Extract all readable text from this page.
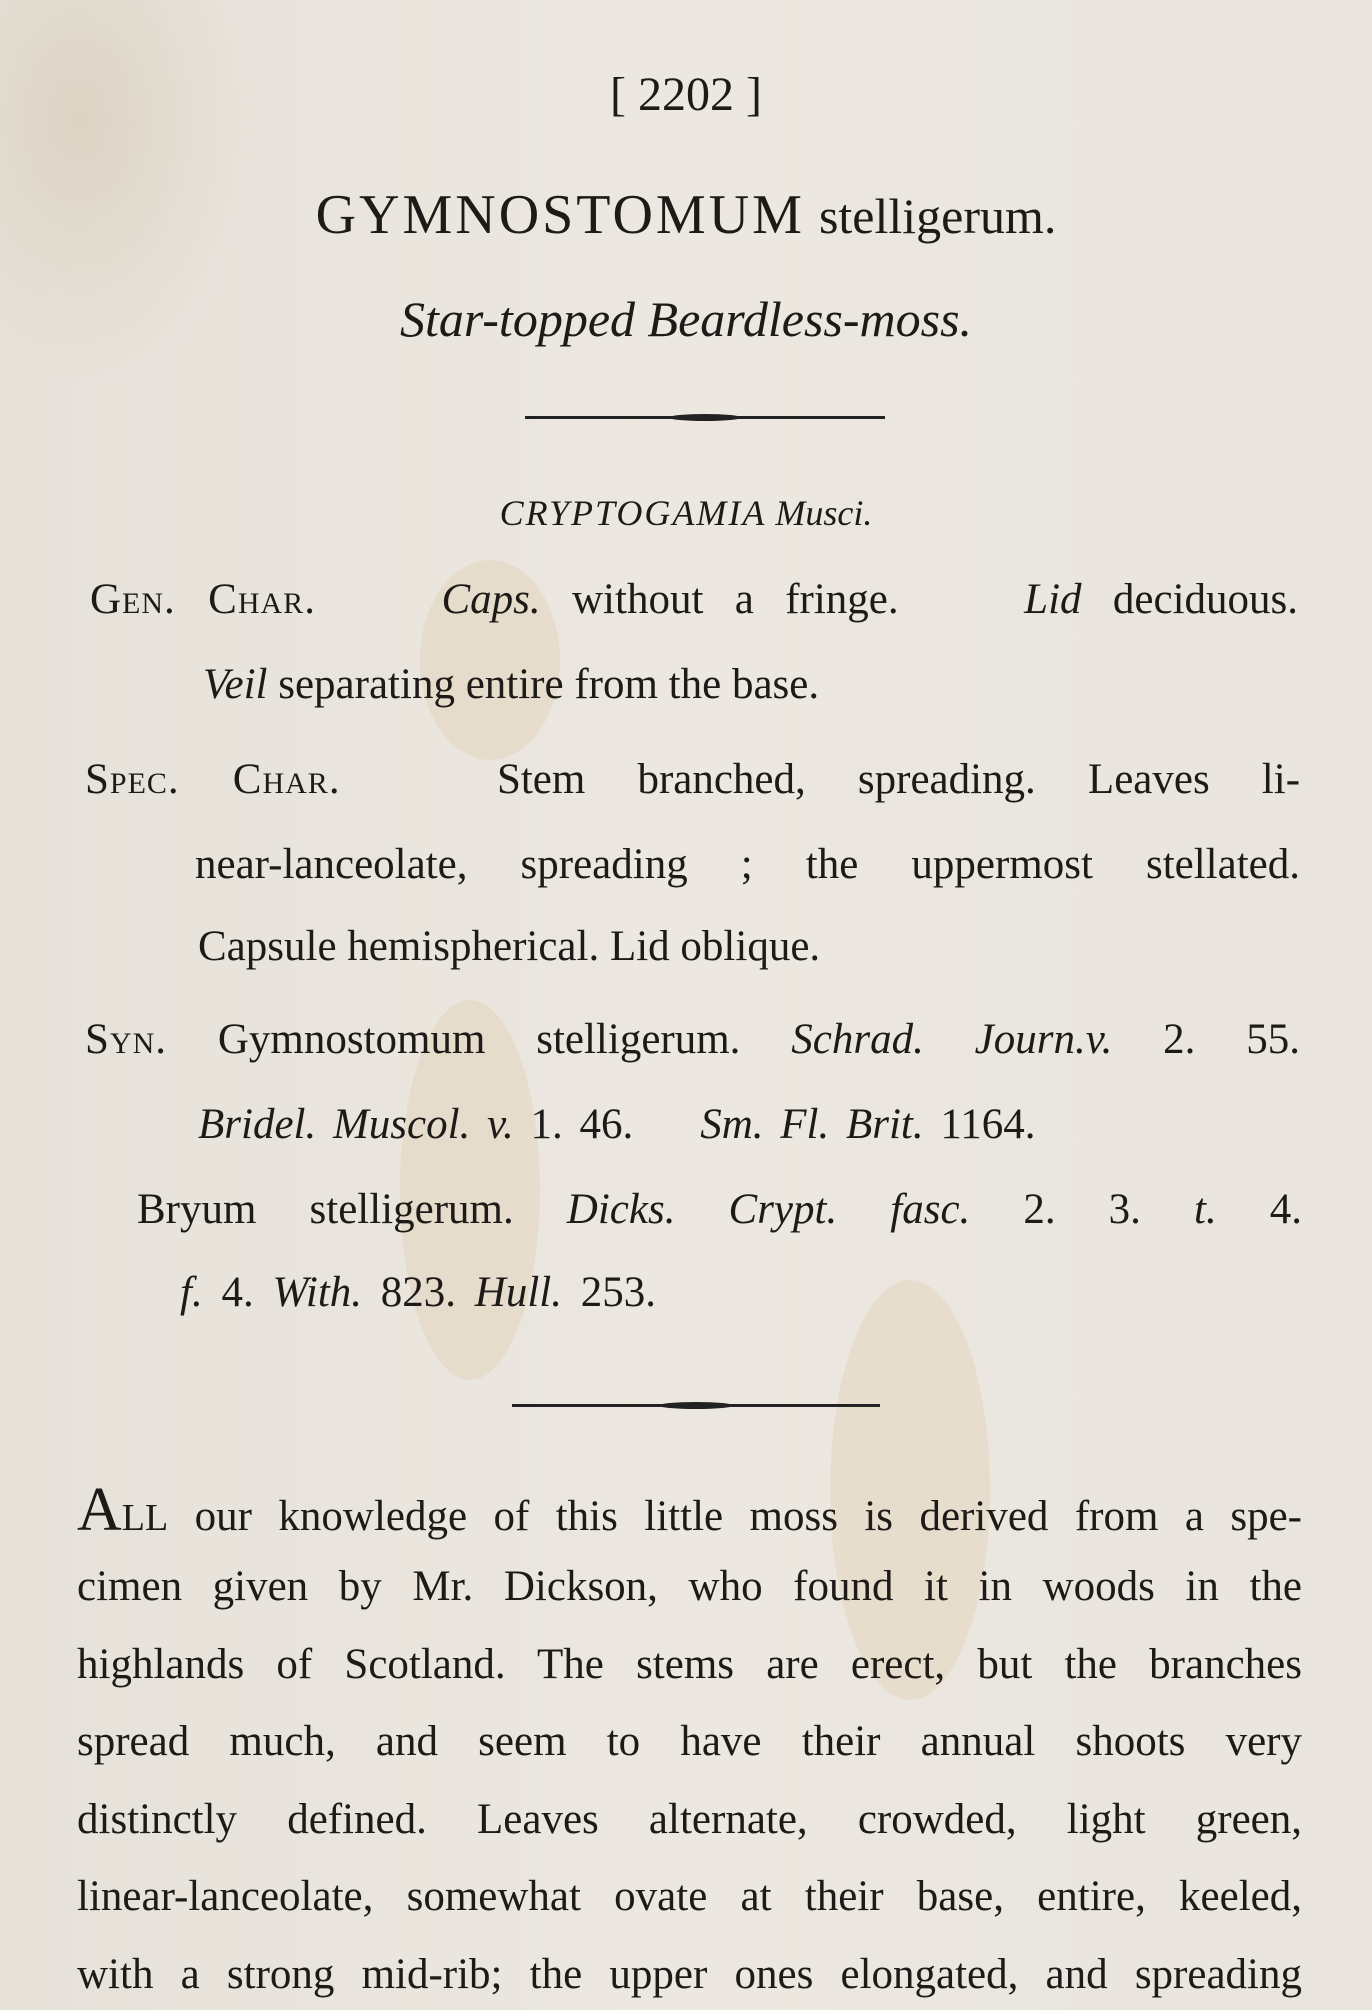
[ 2202 ]
GYMNOSTOMUM stelligerum.
Star-topped Beardless-moss.
CRYPTOGAMIA Musci.
Gen. Char.	Caps. without a fringe.	Lid deciduous.
Veil separating entire from the base.
Spec. Char.	Stem branched, spreading. Leaves li-
near-lanceolate, spreading ; the uppermost stellated.
Capsule hemispherical. Lid oblique.
Syn. Gymnostomum stelligerum. Schrad. Journ.v. 2. 55.
Bridel. Muscol. v. 1. 46.    Sm. Fl. Brit. 1164.
Bryum stelligerum. Dicks. Crypt. fasc. 2. 3. t. 4.
f. 4. With. 823. Hull. 253.
ALL our knowledge of this little moss is derived from a spe-
cimen given by Mr. Dickson, who found it in woods in the
highlands of Scotland. The stems are erect, but the branches
spread much, and seem to have their annual shoots very
distinctly defined. Leaves alternate, crowded, light green,
linear-lanceolate, somewhat ovate at their base, entire, keeled,
with a strong mid-rib; the upper ones elongated, and spreading
